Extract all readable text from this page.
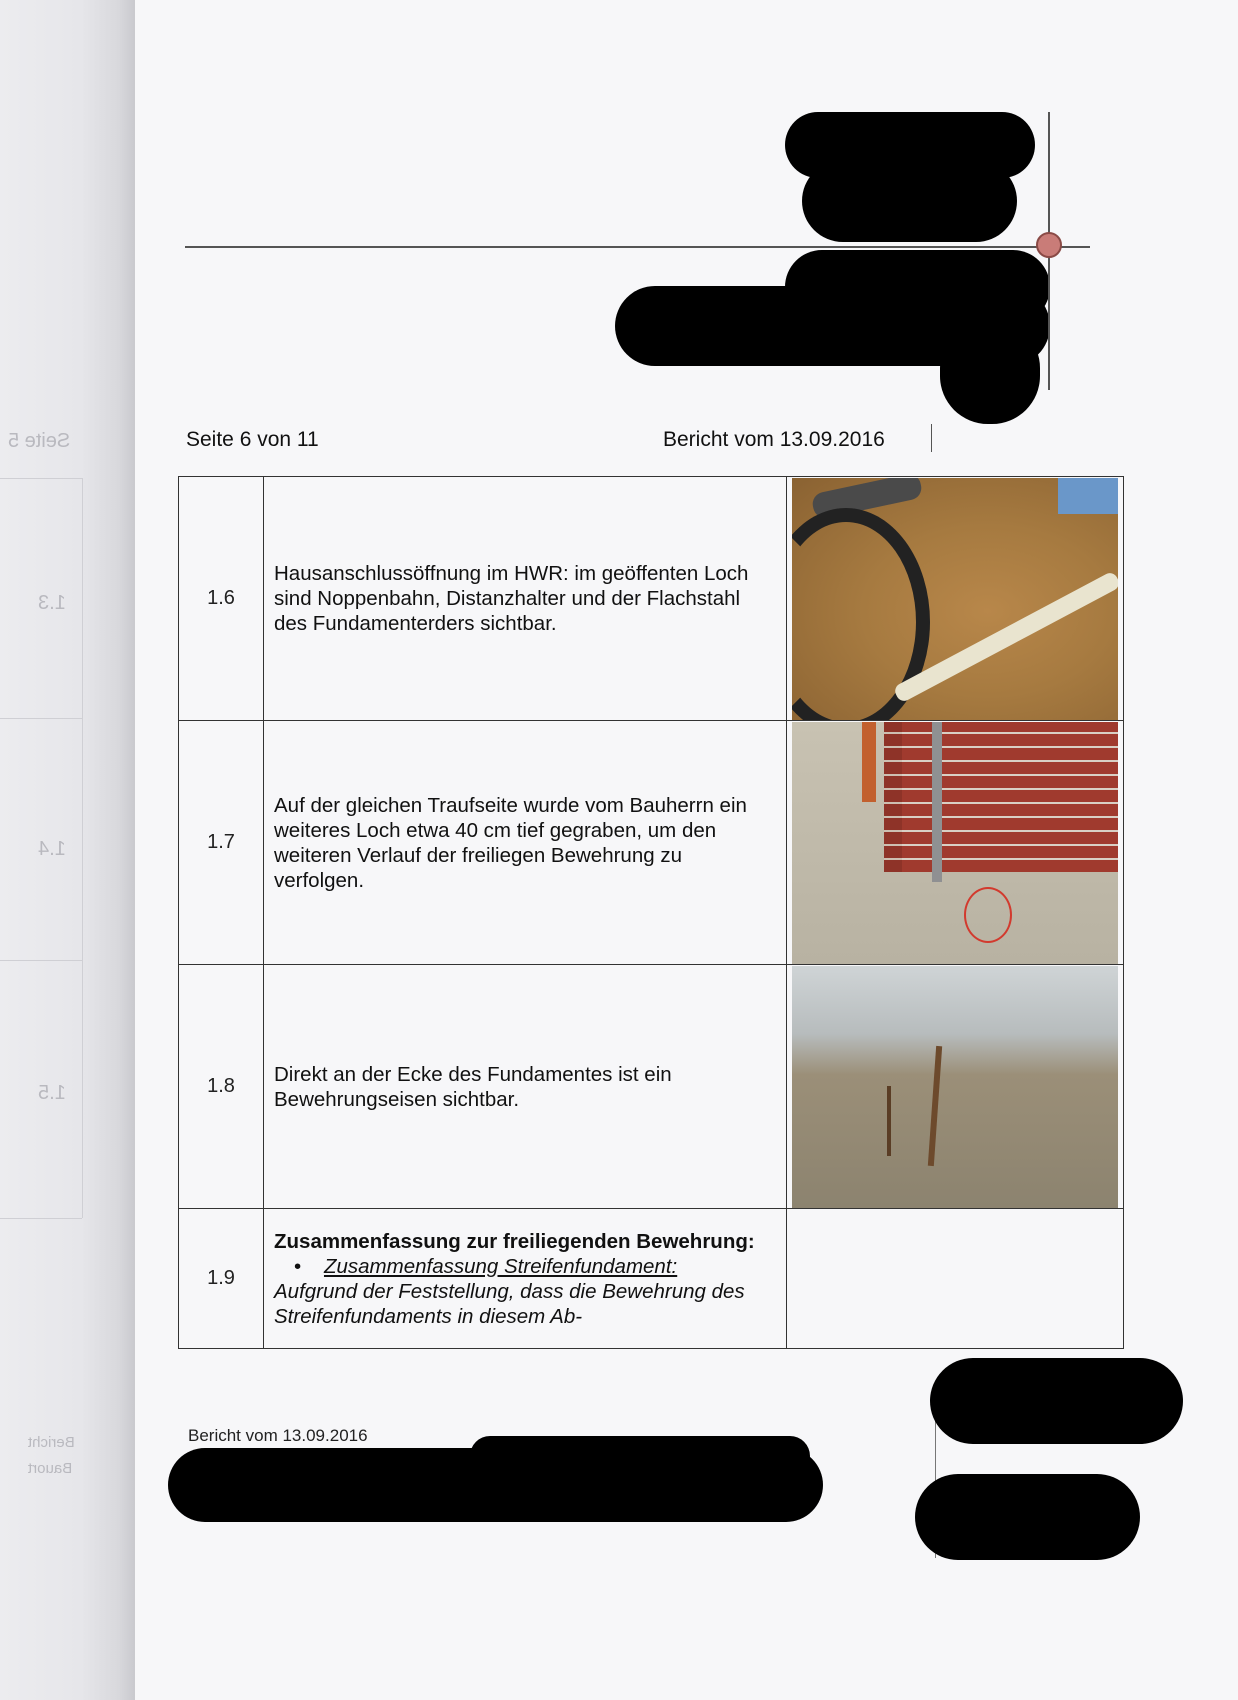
Seite 5
1.3
1.4
1.5
Bericht
Bauort
Seite 6 von 11	Bericht vom 13.09.2016
1.6	Hausanschlussöffnung im HWR: im geöffenten Loch sind Noppenbahn, Distanzhalter und der Flachstahl des Fundamenterders sichtbar.	

1.7	Auf der gleichen Traufseite wurde vom Bauherrn ein weiteres Loch etwa 40 cm tief gegraben, um den weiteren Verlauf der freiliegen Bewehrung zu verfolgen.	

1.8	Direkt an der Ecke des Fundamentes ist ein Bewehrungseisen sichtbar.	

1.9	Zusammenfassung zur freiliegenden Bewehrung:

•    Zusammenfassung Streifenfundament:
Aufgrund der Feststellung, dass die Bewehrung des Streifenfundaments in diesem Ab-	
Bericht vom 13.09.2016
